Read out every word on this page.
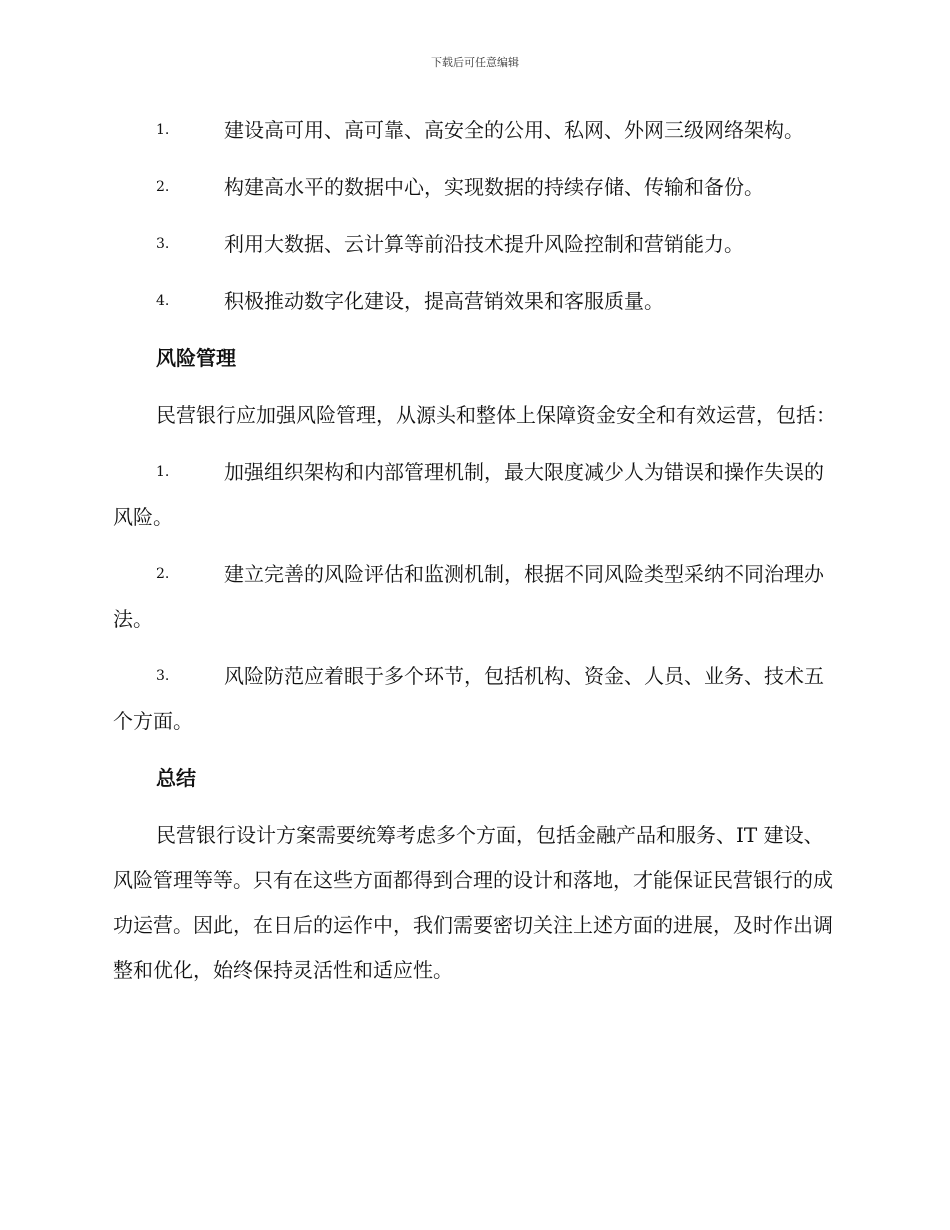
下载后可任意编辑
1.	建设高可用、高可靠、高安全的公用、私网、外网三级网络架构。
2.	构建高水平的数据中心，实现数据的持续存储、传输和备份。
3.	利用大数据、云计算等前沿技术提升风险控制和营销能力。
4.	积极推动数字化建设，提高营销效果和客服质量。
风险管理
民营银行应加强风险管理，从源头和整体上保障资金安全和有效运营，包括：
1.	加强组织架构和内部管理机制，最大限度减少人为错误和操作失误的风险。
2.	建立完善的风险评估和监测机制，根据不同风险类型采纳不同治理办法。
3.	风险防范应着眼于多个环节，包括机构、资金、人员、业务、技术五个方面。
总结
民营银行设计方案需要统筹考虑多个方面，包括金融产品和服务、IT 建设、风险管理等等。只有在这些方面都得到合理的设计和落地，才能保证民营银行的成功运营。因此，在日后的运作中，我们需要密切关注上述方面的进展，及时作出调整和优化，始终保持灵活性和适应性。
